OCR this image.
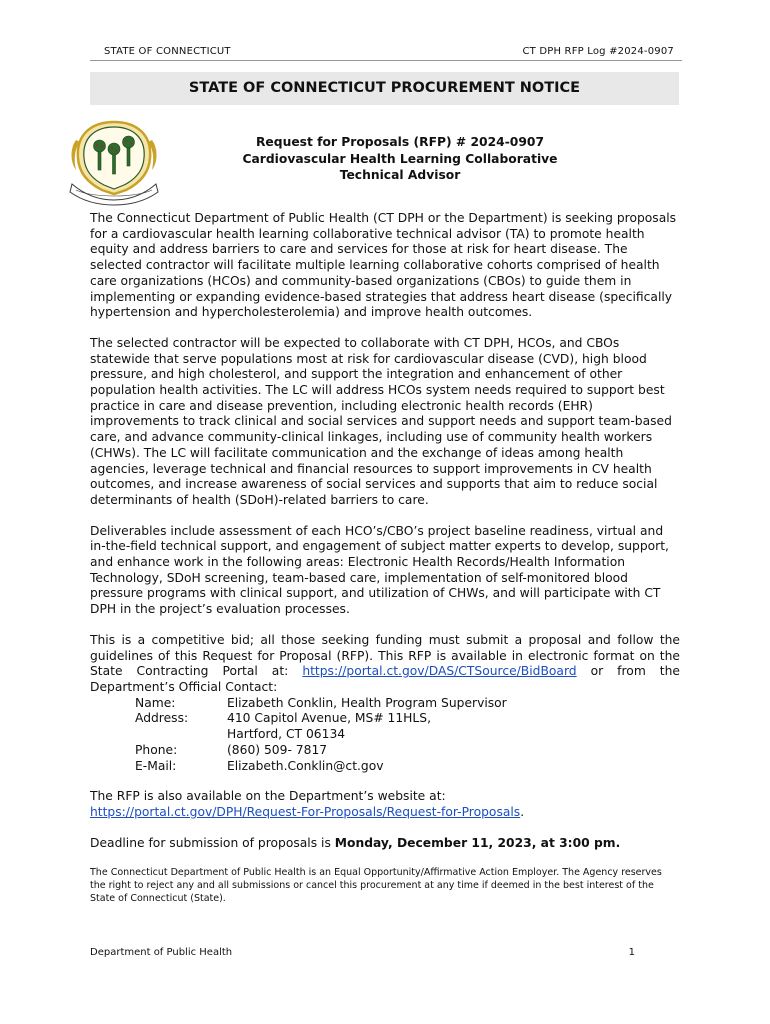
STATE OF CONNECTICUT	CT DPH RFP Log #2024-0907
STATE OF CONNECTICUT PROCUREMENT NOTICE
Request for Proposals (RFP) # 2024-0907
Cardiovascular Health Learning Collaborative
Technical Advisor

The Connecticut Department of Public Health (CT DPH or the Department) is seeking proposals for a cardiovascular health learning collaborative technical advisor (TA) to promote health equity and address barriers to care and services for those at risk for heart disease. The selected contractor will facilitate multiple learning collaborative cohorts comprised of health care organizations (HCOs) and community-based organizations (CBOs) to guide them in implementing or expanding evidence-based strategies that address heart disease (specifically hypertension and hypercholesterolemia) and improve health outcomes.

The selected contractor will be expected to collaborate with CT DPH, HCOs, and CBOs statewide that serve populations most at risk for cardiovascular disease (CVD), high blood pressure, and high cholesterol, and support the integration and enhancement of other population health activities. The LC will address HCOs system needs required to support best practice in care and disease prevention, including electronic health records (EHR) improvements to track clinical and social services and support needs and support team-based care, and advance community-clinical linkages, including use of community health workers (CHWs). The LC will facilitate communication and the exchange of ideas among health agencies, leverage technical and financial resources to support improvements in CV health outcomes, and increase awareness of social services and supports that aim to reduce social determinants of health (SDoH)-related barriers to care.

Deliverables include assessment of each HCO’s/CBO’s project baseline readiness, virtual and in-the-field technical support, and engagement of subject matter experts to develop, support, and enhance work in the following areas: Electronic Health Records/Health Information Technology, SDoH screening, team-based care, implementation of self-monitored blood pressure programs with clinical support, and utilization of CHWs, and will participate with CT DPH in the project’s evaluation processes.

This is a competitive bid; all those seeking funding must submit a proposal and follow the guidelines of this Request for Proposal (RFP). This RFP is available in electronic format on the State Contracting Portal at: https://portal.ct.gov/DAS/CTSource/BidBoard or from the Department’s Official Contact:

Name:	Elizabeth Conklin, Health Program Supervisor
Address:	410 Capitol Avenue, MS# 11HLS,
Hartford, CT 06134
Phone:	(860) 509- 7817
E-Mail:	Elizabeth.Conklin@ct.gov

The RFP is also available on the Department’s website at:
https://portal.ct.gov/DPH/Request-For-Proposals/Request-for-Proposals.

Deadline for submission of proposals is Monday, December 11, 2023, at 3:00 pm.

The Connecticut Department of Public Health is an Equal Opportunity/Affirmative Action Employer. The Agency reserves the right to reject any and all submissions or cancel this procurement at any time if deemed in the best interest of the State of Connecticut (State).

Department of Public Health	1
